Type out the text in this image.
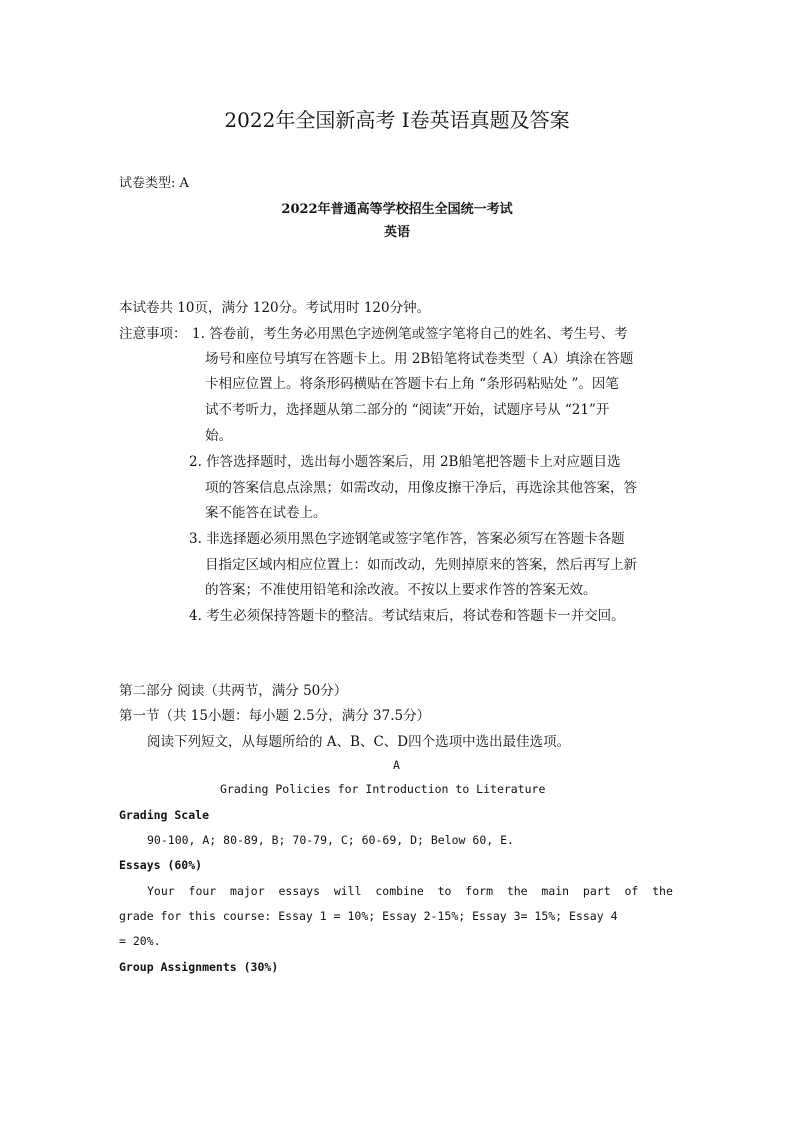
2022年全国新高考 I卷英语真题及答案
试卷类型: A
2022年普通高等学校招生全国统一考试
英语
本试卷共 10页，满分 120分。考试用时 120分钟。
注意事项： 1. 答卷前，考生务必用黑色字迹例笔或签字笔将自己的姓名、考生号、考
场号和座位号填写在答题卡上。用 2B铅笔将试卷类型（ A）填涂在答题
卡相应位置上。将条形码横贴在答题卡右上角 “条形码粘贴处 ”。因笔
试不考听力，选择题从第二部分的 “阅读”开始，试题序号从 “21”开
始。
2. 作答选择题时，选出每小题答案后，用 2B船笔把答题卡上对应题目选
项的答案信息点涂黑；如需改动，用像皮擦干净后，再选涂其他答案，答
案不能答在试卷上。
3. 非选择题必须用黑色字迹钢笔或签字笔作答，答案必须写在答题卡各题
目指定区域内相应位置上：如而改动，先则掉原来的答案，然后再写上新
的答案；不准使用铅笔和涂改液。不按以上要求作答的答案无效。
4. 考生必须保持答题卡的整洁。考试结束后，将试卷和答题卡一并交回。
第二部分 阅读（共两节，满分 50分）
第一节（共 15小题：每小题 2.5分，满分 37.5分）
阅读下列短文，从每题所给的 A、B、C、D四个选项中选出最佳选项。
A
Grading Policies for Introduction to Literature
Grading Scale
90-100, A; 80-89, B; 70-79, C; 60-69, D; Below 60, E.
Essays (60%)
Your four major essays will combine to form the main part of the
grade for this course: Essay 1 = 10%; Essay 2-15%; Essay 3= 15%; Essay 4
= 20%.
Group Assignments (30%)
